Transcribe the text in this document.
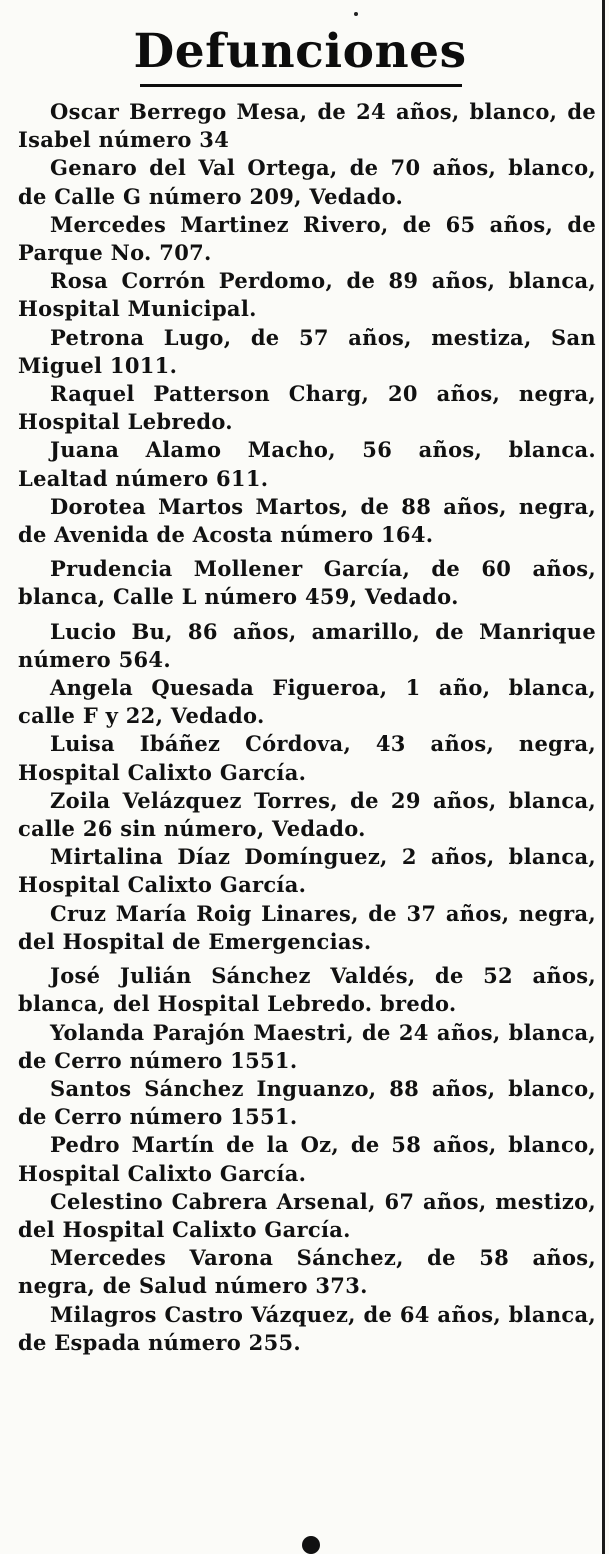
Defunciones

Oscar Berrego Mesa, de 24 años, blanco, de Isabel número 34

Genaro del Val Ortega, de 70 años, blanco, de Calle G número 209, Vedado.

Mercedes Martinez Rivero, de 65 años, de Parque No. 707.

Rosa Corrón Perdomo, de 89 años, blanca, Hospital Municipal.

Petrona Lugo, de 57 años, mestiza, San Miguel 1011.

Raquel Patterson Charg, 20 años, negra, Hospital Lebredo.

Juana Alamo Macho, 56 años, blanca. Lealtad número 611.

Dorotea Martos Martos, de 88 años, negra, de Avenida de Acosta número 164.

Prudencia Mollener García, de 60 años, blanca, Calle L número 459, Vedado.

Lucio Bu, 86 años, amarillo, de Manrique número 564.

Angela Quesada Figueroa, 1 año, blanca, calle F y 22, Vedado.

Luisa Ibáñez Córdova, 43 años, negra, Hospital Calixto García.

Zoila Velázquez Torres, de 29 años, blanca, calle 26 sin número, Vedado.

Mirtalina Díaz Domínguez, 2 años, blanca, Hospital Calixto García.

Cruz María Roig Linares, de 37 años, negra, del Hospital de Emergencias.

José Julián Sánchez Valdés, de 52 años, blanca, del Hospital Lebredo. bredo.

Yolanda Parajón Maestri, de 24 años, blanca, de Cerro número 1551.

Santos Sánchez Inguanzo, 88 años, blanco, de Cerro número 1551.

Pedro Martín de la Oz, de 58 años, blanco, Hospital Calixto García.

Celestino Cabrera Arsenal, 67 años, mestizo, del Hospital Calixto García.

Mercedes Varona Sánchez, de 58 años, negra, de Salud número 373.

Milagros Castro Vázquez, de 64 años, blanca, de Espada número 255.
